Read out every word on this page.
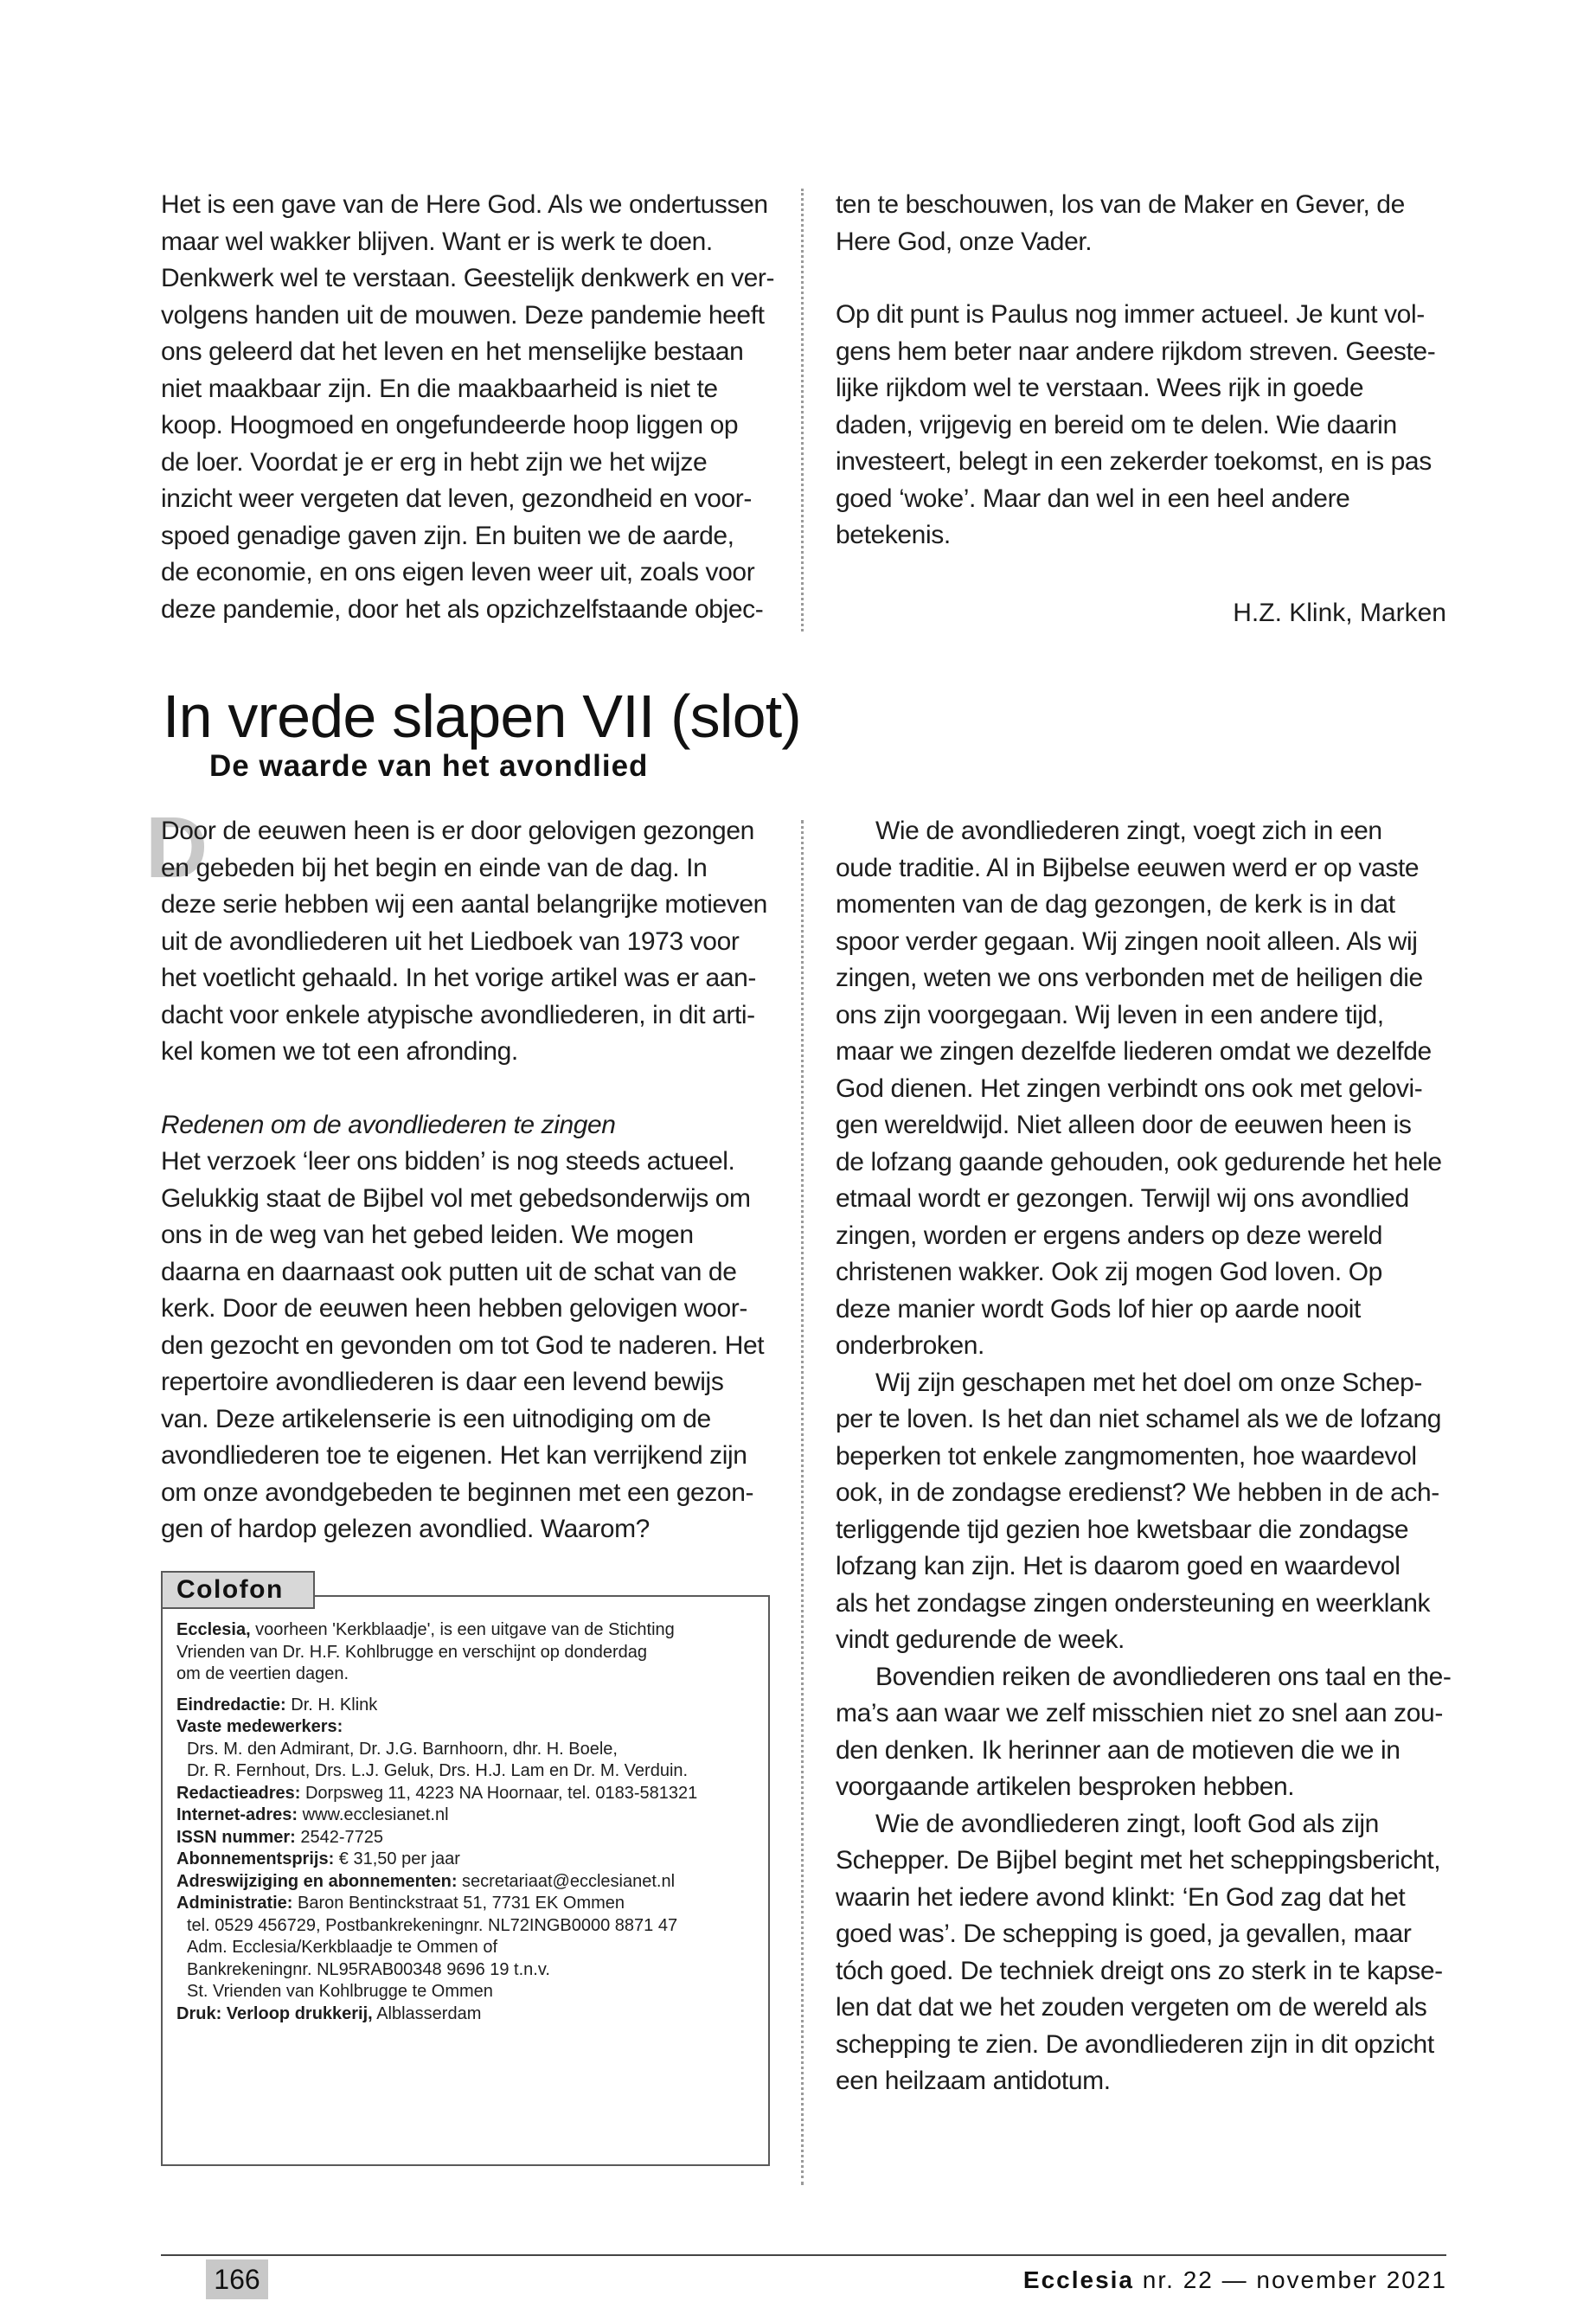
Het is een gave van de Here God. Als we ondertussen
maar wel wakker blijven. Want er is werk te doen.
Denkwerk wel te verstaan. Geestelijk denkwerk en ver-
volgens handen uit de mouwen. Deze pandemie heeft
ons geleerd dat het leven en het menselijke bestaan
niet maakbaar zijn. En die maakbaarheid is niet te
koop. Hoogmoed en ongefundeerde hoop liggen op
de loer. Voordat je er erg in hebt zijn we het wijze
inzicht weer vergeten dat leven, gezondheid en voor-
spoed genadige gaven zijn. En buiten we de aarde,
de economie, en ons eigen leven weer uit, zoals voor
deze pandemie, door het als opzichzelfstaande objec-
ten te beschouwen, los van de Maker en Gever, de
Here God, onze Vader.
Op dit punt is Paulus nog immer actueel. Je kunt vol-
gens hem beter naar andere rijkdom streven. Geeste-
lijke rijkdom wel te verstaan. Wees rijk in goede
daden, vrijgevig en bereid om te delen. Wie daarin
investeert, belegt in een zekerder toekomst, en is pas
goed ‘woke’. Maar dan wel in een heel andere
betekenis.
H.Z. Klink, Marken
In vrede slapen VII (slot)
De waarde van het avondlied
D
Door de eeuwen heen is er door gelovigen gezongen
en gebeden bij het begin en einde van de dag. In
deze serie hebben wij een aantal belangrijke motieven
uit de avondliederen uit het Liedboek van 1973 voor
het voetlicht gehaald. In het vorige artikel was er aan-
dacht voor enkele atypische avondliederen, in dit arti-
kel komen we tot een afronding.
Redenen om de avondliederen te zingen
Het verzoek ‘leer ons bidden’ is nog steeds actueel.
Gelukkig staat de Bijbel vol met gebedsonderwijs om
ons in de weg van het gebed leiden. We mogen
daarna en daarnaast ook putten uit de schat van de
kerk. Door de eeuwen heen hebben gelovigen woor-
den gezocht en gevonden om tot God te naderen. Het
repertoire avondliederen is daar een levend bewijs
van. Deze artikelenserie is een uitnodiging om de
avondliederen toe te eigenen. Het kan verrijkend zijn
om onze avondgebeden te beginnen met een gezon-
gen of hardop gelezen avondlied. Waarom?
Wie de avondliederen zingt, voegt zich in een
oude traditie. Al in Bijbelse eeuwen werd er op vaste
momenten van de dag gezongen, de kerk is in dat
spoor verder gegaan. Wij zingen nooit alleen. Als wij
zingen, weten we ons verbonden met de heiligen die
ons zijn voorgegaan. Wij leven in een andere tijd,
maar we zingen dezelfde liederen omdat we dezelfde
God dienen. Het zingen verbindt ons ook met gelovi-
gen wereldwijd. Niet alleen door de eeuwen heen is
de lofzang gaande gehouden, ook gedurende het hele
etmaal wordt er gezongen. Terwijl wij ons avondlied
zingen, worden er ergens anders op deze wereld
christenen wakker. Ook zij mogen God loven. Op
deze manier wordt Gods lof hier op aarde nooit
onderbroken.
Wij zijn geschapen met het doel om onze Schep-
per te loven. Is het dan niet schamel als we de lofzang
beperken tot enkele zangmomenten, hoe waardevol
ook, in de zondagse eredienst? We hebben in de ach-
terliggende tijd gezien hoe kwetsbaar die zondagse
lofzang kan zijn. Het is daarom goed en waardevol
als het zondagse zingen ondersteuning en weerklank
vindt gedurende de week.
Bovendien reiken de avondliederen ons taal en the-
ma’s aan waar we zelf misschien niet zo snel aan zou-
den denken. Ik herinner aan de motieven die we in
voorgaande artikelen besproken hebben.
Wie de avondliederen zingt, looft God als zijn
Schepper. De Bijbel begint met het scheppingsbericht,
waarin het iedere avond klinkt: ‘En God zag dat het
goed was’. De schepping is goed, ja gevallen, maar
tóch goed. De techniek dreigt ons zo sterk in te kapse-
len dat dat we het zouden vergeten om de wereld als
schepping te zien. De avondliederen zijn in dit opzicht
een heilzaam antidotum.
Colofon
Ecclesia, voorheen 'Kerkblaadje', is een uitgave van de Stichting
Vrienden van Dr. H.F. Kohlbrugge en verschijnt op donderdag
om de veertien dagen.
Eindredactie: Dr. H. Klink
Vaste medewerkers:
Drs. M. den Admirant, Dr. J.G. Barnhoorn, dhr. H. Boele,
Dr. R. Fernhout, Drs. L.J. Geluk, Drs. H.J. Lam en Dr. M. Verduin.
Redactieadres: Dorpsweg 11, 4223 NA Hoornaar, tel. 0183-581321
Internet-adres: www.ecclesianet.nl
ISSN nummer: 2542-7725
Abonnementsprijs: € 31,50 per jaar
Adreswijziging en abonnementen: secretariaat@ecclesianet.nl
Administratie: Baron Bentinckstraat 51, 7731 EK Ommen
tel. 0529 456729, Postbankrekeningnr. NL72INGB0000 8871 47
Adm. Ecclesia/Kerkblaadje te Ommen of
Bankrekeningnr. NL95RAB00348 9696 19 t.n.v.
St. Vrienden van Kohlbrugge te Ommen
Druk: Verloop drukkerij, Alblasserdam
166	Ecclesia nr. 22 — november 2021
